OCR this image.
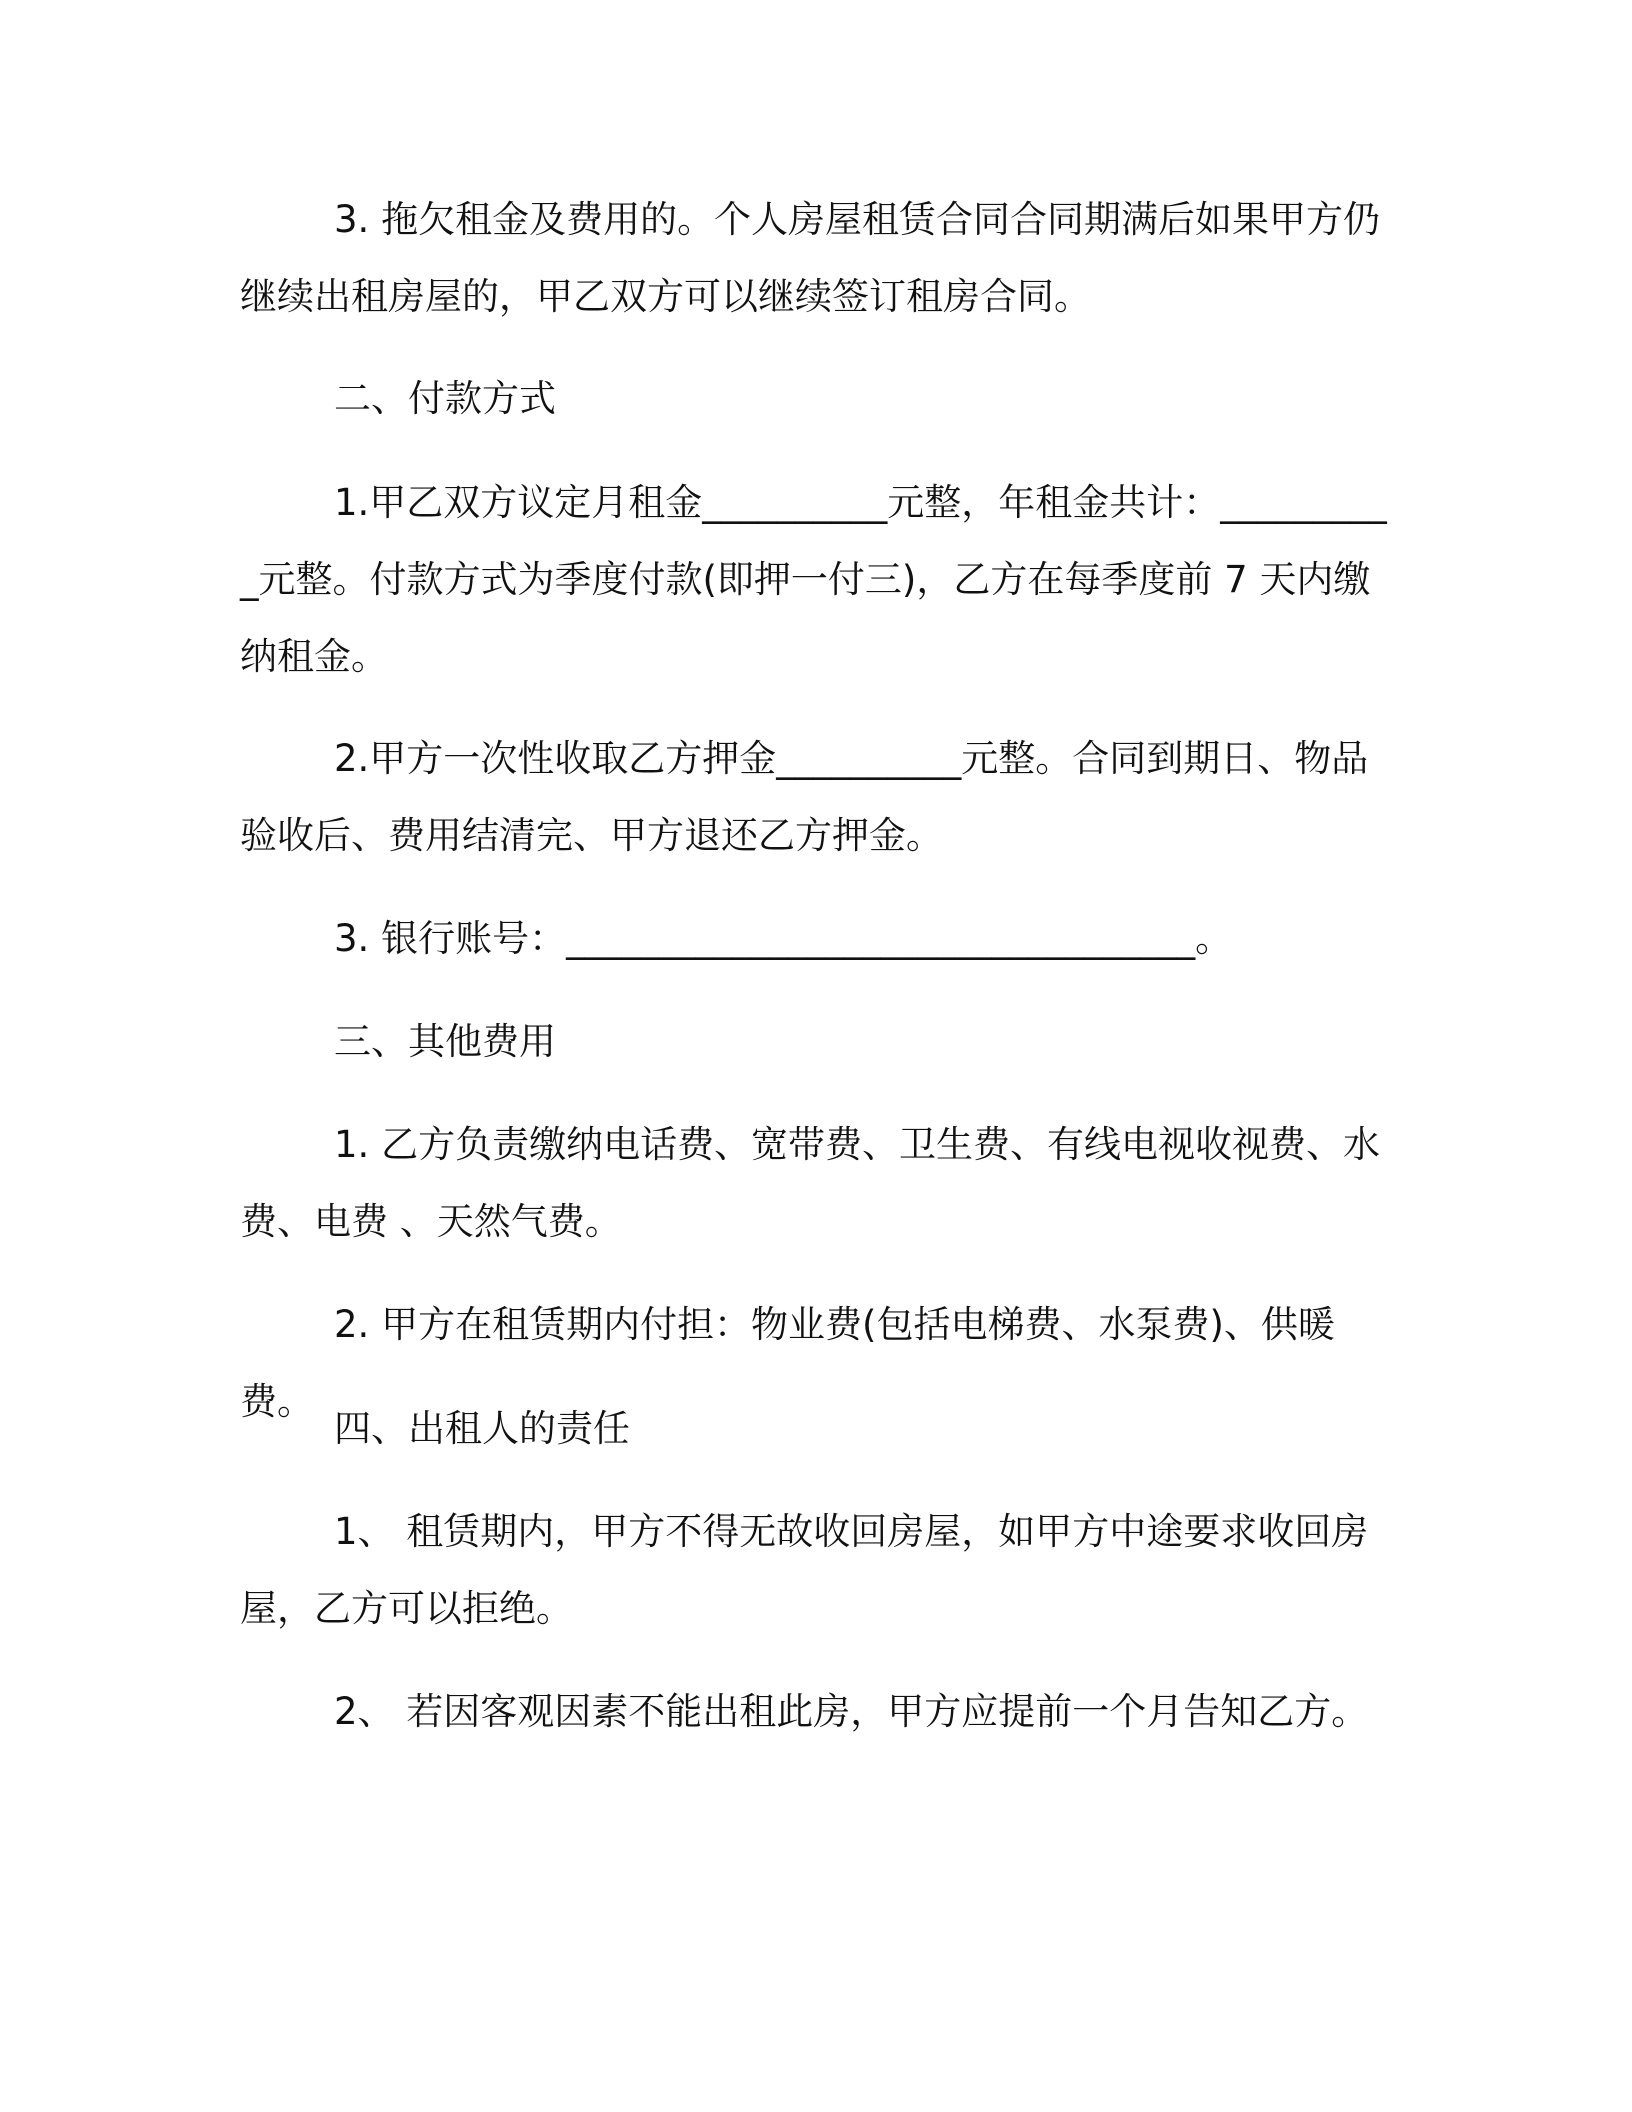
3. 拖欠租金及费用的。个人房屋租赁合同合同期满后如果甲方仍继续出租房屋的，甲乙双方可以继续签订租房合同。

二、付款方式

1.甲乙双方议定月租金__________元整，年租金共计：__________元整。付款方式为季度付款(即押一付三)，乙方在每季度前 7 天内缴纳租金。

2.甲方一次性收取乙方押金__________元整。合同到期日、物品验收后、费用结清完、甲方退还乙方押金。

3. 银行账号：__________________________________。

三、其他费用

1. 乙方负责缴纳电话费、宽带费、卫生费、有线电视收视费、水费、电费 、天然气费。

2. 甲方在租赁期内付担：物业费(包括电梯费、水泵费)、供暖费。

四、出租人的责任

1、 租赁期内，甲方不得无故收回房屋，如甲方中途要求收回房屋，乙方可以拒绝。

2、 若因客观因素不能出租此房，甲方应提前一个月告知乙方。
